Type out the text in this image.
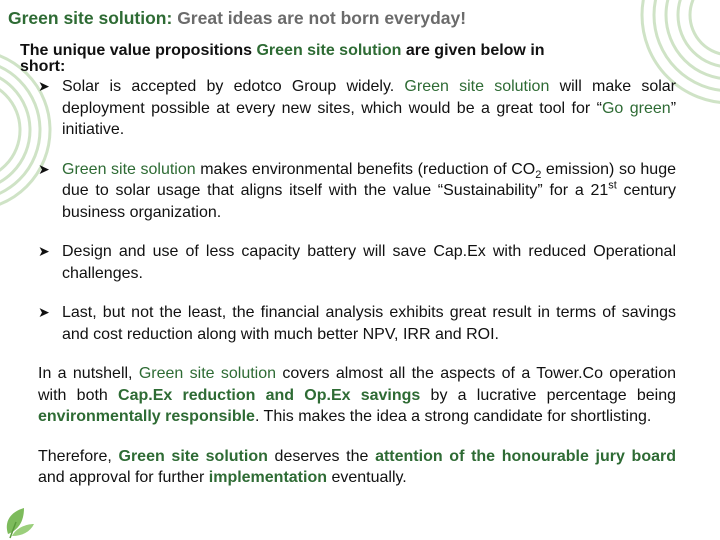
Green site solution: Great ideas are not born everyday!

The unique value propositions Green site solution are given below in

short:

➤ Solar is accepted by edotco Group widely. Green site solution will make solar deployment possible at every new sites, which would be a great tool for “Go green” initiative.

➤ Green site solution makes environmental benefits (reduction of $CO_2$ emission) so huge due to solar usage that aligns itself with the value “Sustainability” for a 21st century business organization.

➤ Design and use of less capacity battery will save Cap.Ex with reduced Operational challenges.

➤ Last, but not the least, the financial analysis exhibits great result in terms of savings and cost reduction along with much better NPV, IRR and ROI.

In a nutshell, Green site solution covers almost all the aspects of a Tower.Co operation with both Cap.Ex reduction and Op.Ex savings by a lucrative percentage being environmentally responsible. This makes the idea a strong candidate for shortlisting.

Therefore, Green site solution deserves the attention of the honourable jury board and approval for further implementation eventually.
